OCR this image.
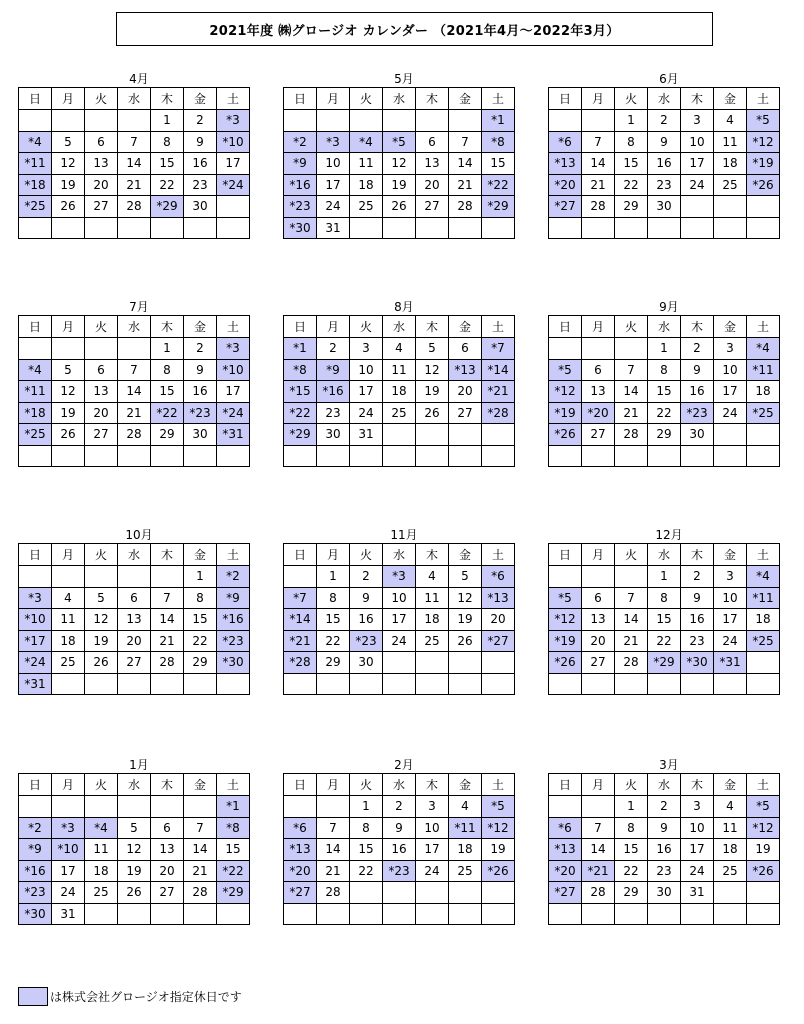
2021年度 ㈱グロージオ カレンダー （2021年4月～2022年3月）
4月
日	月	火	水	木	金	土
				1	2	*3
*4	5	6	7	8	9	*10
*11	12	13	14	15	16	17
*18	19	20	21	22	23	*24
*25	26	27	28	*29	30	

5月
日	月	火	水	木	金	土
						*1
*2	*3	*4	*5	6	7	*8
*9	10	11	12	13	14	15
*16	17	18	19	20	21	*22
*23	24	25	26	27	28	*29
*30	31					
6月
日	月	火	水	木	金	土
		1	2	3	4	*5
*6	7	8	9	10	11	*12
*13	14	15	16	17	18	*19
*20	21	22	23	24	25	*26
*27	28	29	30			

7月
日	月	火	水	木	金	土
				1	2	*3
*4	5	6	7	8	9	*10
*11	12	13	14	15	16	17
*18	19	20	21	*22	*23	*24
*25	26	27	28	29	30	*31

8月
日	月	火	水	木	金	土
*1	2	3	4	5	6	*7
*8	*9	10	11	12	*13	*14
*15	*16	17	18	19	20	*21
*22	23	24	25	26	27	*28
*29	30	31				

9月
日	月	火	水	木	金	土
			1	2	3	*4
*5	6	7	8	9	10	*11
*12	13	14	15	16	17	18
*19	*20	21	22	*23	24	*25
*26	27	28	29	30		

10月
日	月	火	水	木	金	土
					1	*2
*3	4	5	6	7	8	*9
*10	11	12	13	14	15	*16
*17	18	19	20	21	22	*23
*24	25	26	27	28	29	*30
*31						
11月
日	月	火	水	木	金	土
	1	2	*3	4	5	*6
*7	8	9	10	11	12	*13
*14	15	16	17	18	19	20
*21	22	*23	24	25	26	*27
*28	29	30				

12月
日	月	火	水	木	金	土
			1	2	3	*4
*5	6	7	8	9	10	*11
*12	13	14	15	16	17	18
*19	20	21	22	23	24	*25
*26	27	28	*29	*30	*31	

1月
日	月	火	水	木	金	土
						*1
*2	*3	*4	5	6	7	*8
*9	*10	11	12	13	14	15
*16	17	18	19	20	21	*22
*23	24	25	26	27	28	*29
*30	31					
2月
日	月	火	水	木	金	土
		1	2	3	4	*5
*6	7	8	9	10	*11	*12
*13	14	15	16	17	18	19
*20	21	22	*23	24	25	*26
*27	28					

3月
日	月	火	水	木	金	土
		1	2	3	4	*5
*6	7	8	9	10	11	*12
*13	14	15	16	17	18	19
*20	*21	22	23	24	25	*26
*27	28	29	30	31		

は株式会社グロージオ指定休日です
